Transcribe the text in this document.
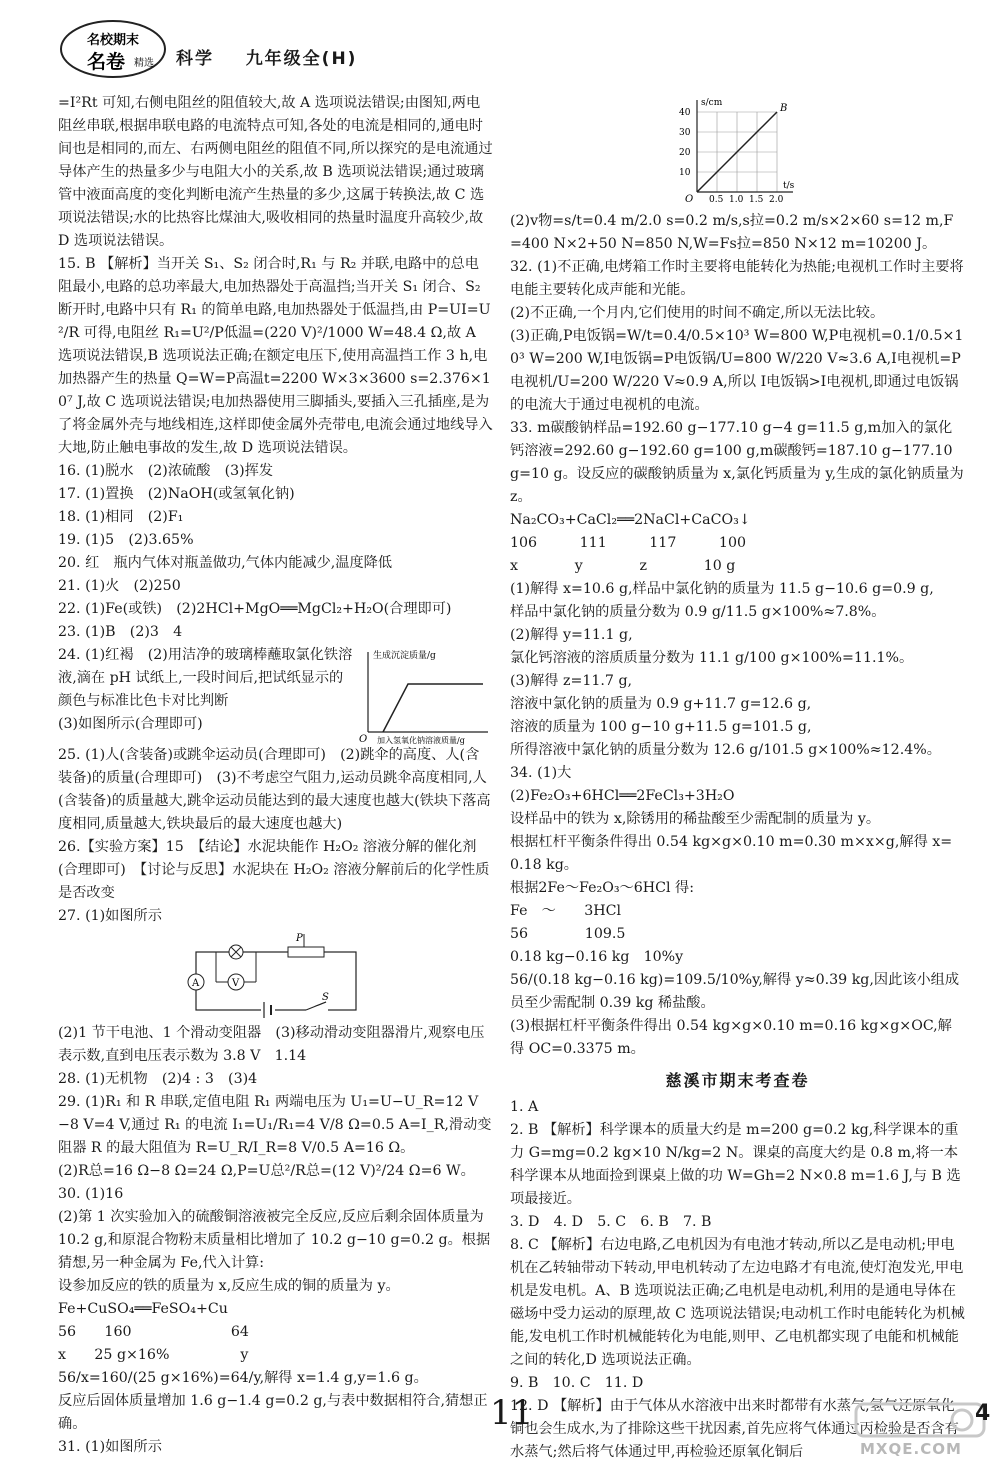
名校期末
名卷 精选 科学 九年级全(H)

=I²Rt 可知,右侧电阻丝的阻值较大,故 A 选项说法错误;由图知,两电阻丝串联,根据串联电路的电流特点可知,各处的电流是相同的,通电时间也是相同的,而左、右两侧电阻丝的阻值不同,所以探究的是电流通过导体产生的热量多少与电阻大小的关系,故 B 选项说法错误;通过玻璃管中液面高度的变化判断电流产生热量的多少,这属于转换法,故 C 选项说法错误;水的比热容比煤油大,吸收相同的热量时温度升高较少,故 D 选项说法错误。

15. B 【解析】当开关 S₁、S₂ 闭合时,R₁ 与 R₂ 并联,电路中的总电阻最小,电路的总功率最大,电加热器处于高温挡;当开关 S₁ 闭合、S₂ 断开时,电路中只有 R₁ 的简单电路,电加热器处于低温挡,由 P=UI=U²/R 可得,电阻丝 R₁=U²/P低温=(220 V)²/1000 W=48.4 Ω,故 A 选项说法错误,B 选项说法正确;在额定电压下,使用高温挡工作 3 h,电加热器产生的热量 Q=W=P高温t=2200 W×3×3600 s=2.376×10⁷ J,故 C 选项说法错误;电加热器使用三脚插头,要插入三孔插座,是为了将金属外壳与地线相连,这样即使金属外壳带电,电流会通过地线导入大地,防止触电事故的发生,故 D 选项说法错误。

16. (1)脱水　(2)浓硫酸　(3)挥发

17. (1)置换　(2)NaOH(或氢氧化钠)

18. (1)相同　(2)F₁

19. (1)5　(2)3.65%

20. 红　瓶内气体对瓶盖做功,气体内能减少,温度降低

21. (1)火　(2)250

22. (1)Fe(或铁)　(2)2HCl+MgO══MgCl₂+H₂O(合理即可)

23. (1)B　(2)3　4

24. (1)红褐　(2)用洁净的玻璃棒蘸取氯化铁溶液,滴在 pH 试纸上,一段时间后,把试纸显示的颜色与标准比色卡对比判断

(3)如图所示(合理即可)

O
生成沉淀质量/g
加入氢氧化钠溶液质量/g

25. (1)人(含装备)或跳伞运动员(合理即可)　(2)跳伞的高度、人(含装备)的质量(合理即可)　(3)不考虑空气阻力,运动员跳伞高度相同,人(含装备)的质量越大,跳伞运动员能达到的最大速度也越大(铁块下落高度相同,质量越大,铁块最后的最大速度也越大)

26.【实验方案】15　【结论】水泥块能作 H₂O₂ 溶液分解的催化剂(合理即可)　【讨论与反思】水泥块在 H₂O₂ 溶液分解前后的化学性质是否改变

27. (1)如图所示

P
A	V
S

(2)1 节干电池、1 个滑动变阻器　(3)移动滑动变阻器滑片,观察电压表示数,直到电压表示数为 3.8 V　1.14

28. (1)无机物　(2)4 : 3　(3)4

29. (1)R₁ 和 R 串联,定值电阻 R₁ 两端电压为 U₁=U−U_R=12 V−8 V=4 V,通过 R₁ 的电流 I₁=U₁/R₁=4 V/8 Ω=0.5 A=I_R,滑动变阻器 R 的最大阻值为 R=U_R/I_R=8 V/0.5 A=16 Ω。

(2)R总=16 Ω−8 Ω=24 Ω,P=U总²/R总=(12 V)²/24 Ω=6 W。

30. (1)16

(2)第 1 次实验加入的硫酸铜溶液被完全反应,反应后剩余固体质量为 10.2 g,和原混合物粉末质量相比增加了 10.2 g−10 g=0.2 g。根据猜想,另一种金属为 Fe,代入计算:

设参加反应的铁的质量为 x,反应生成的铜的质量为 y。

Fe+CuSO₄══FeSO₄+Cu

56　　160　　　　　　　64

x　　25 g×16%　　　　　y

56/x=160/(25 g×16%)=64/y,解得 x=1.4 g,y=1.6 g。

反应后固体质量增加 1.6 g−1.4 g=0.2 g,与表中数据相符合,猜想正确。

31. (1)如图所示

B
s/cm
t/s
O
40
30
20
10
0.5 1.0 1.5 2.0

(2)v物=s/t=0.4 m/2.0 s=0.2 m/s,s拉=0.2 m/s×2×60 s=12 m,F=400 N×2+50 N=850 N,W=Fs拉=850 N×12 m=10200 J。

32. (1)不正确,电烤箱工作时主要将电能转化为热能;电视机工作时主要将电能主要转化成声能和光能。

(2)不正确,一个月内,它们使用的时间不确定,所以无法比较。

(3)正确,P电饭锅=W/t=0.4/0.5×10³ W=800 W,P电视机=0.1/0.5×10³ W=200 W,I电饭锅=P电饭锅/U=800 W/220 V≈3.6 A,I电视机=P电视机/U=200 W/220 V≈0.9 A,所以 I电饭锅>I电视机,即通过电饭锅的电流大于通过电视机的电流。

33. m碳酸钠样品=192.60 g−177.10 g−4 g=11.5 g,m加入的氯化钙溶液=292.60 g−192.60 g=100 g,m碳酸钙=187.10 g−177.10 g=10 g。设反应的碳酸钠质量为 x,氯化钙质量为 y,生成的氯化钠质量为 z。

Na₂CO₃+CaCl₂══2NaCl+CaCO₃↓

106　　　111　　　117　　　100

x　　　　y　　　　z　　　　10 g

(1)解得 x=10.6 g,样品中氯化钠的质量为 11.5 g−10.6 g=0.9 g,

样品中氯化钠的质量分数为 0.9 g/11.5 g×100%≈7.8%。

(2)解得 y=11.1 g,

氯化钙溶液的溶质质量分数为 11.1 g/100 g×100%=11.1%。

(3)解得 z=11.7 g,

溶液中氯化钠的质量为 0.9 g+11.7 g=12.6 g,

溶液的质量为 100 g−10 g+11.5 g=101.5 g,

所得溶液中氯化钠的质量分数为 12.6 g/101.5 g×100%≈12.4%。

34. (1)大

(2)Fe₂O₃+6HCl══2FeCl₃+3H₂O

设样品中的铁为 x,除锈用的稀盐酸至少需配制的质量为 y。

根据杠杆平衡条件得出 0.54 kg×g×0.10 m=0.30 m×x×g,解得 x=0.18 kg。

根据2Fe～Fe₂O₃～6HCl 得:

Fe　～　　3HCl

56　　　　109.5

0.18 kg−0.16 kg　10%y

56/(0.18 kg−0.16 kg)=109.5/10%y,解得 y≈0.39 kg,因此该小组成员至少需配制 0.39 kg 稀盐酸。

(3)根据杠杆平衡条件得出 0.54 kg×g×0.10 m=0.16 kg×g×OC,解得 OC=0.3375 m。

慈溪市期末考查卷

1. A

2. B 【解析】科学课本的质量大约是 m=200 g=0.2 kg,科学课本的重力 G=mg=0.2 kg×10 N/kg=2 N。课桌的高度大约是 0.8 m,将一本科学课本从地面捡到课桌上做的功 W=Gh=2 N×0.8 m=1.6 J,与 B 选项最接近。

3. D　4. D　5. C　6. B　7. B

8. C 【解析】右边电路,乙电机因为有电池才转动,所以乙是电动机;甲电机在乙转轴带动下转动,甲电机转动了左边电路才有电流,使灯泡发光,甲电机是发电机。A、B 选项说法正确;乙电机是电动机,利用的是通电导体在磁场中受力运动的原理,故 C 选项说法错误;电动机工作时电能转化为机械能,发电机工作时机械能转化为电能,则甲、乙电机都实现了电能和机械能之间的转化,D 选项说法正确。

9. B　10. C　11. D

12. D 【解析】由于气体从水溶液中出来时都带有水蒸气,氢气还原氧化铜也会生成水,为了排除这些干扰因素,首先应将气体通过丙检验是否含有水蒸气;然后将气体通过甲,再检验还原氧化铜后

11
MXQE.COM
4
